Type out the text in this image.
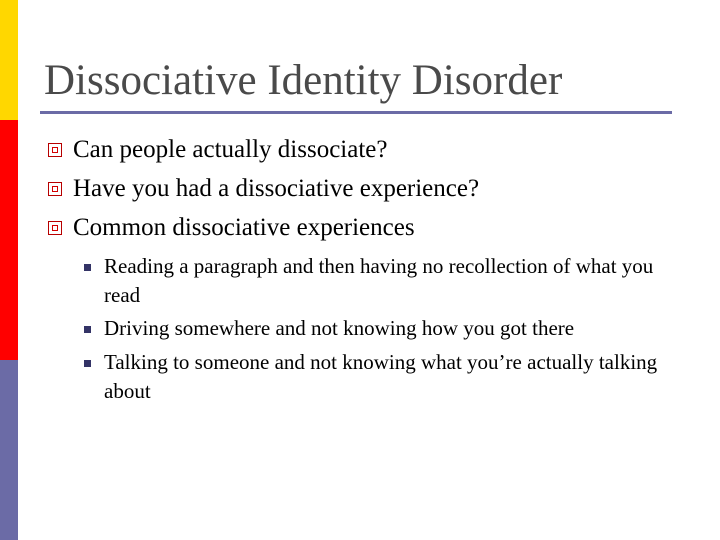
Dissociative Identity Disorder
Can people actually dissociate?
Have you had a dissociative experience?
Common dissociative experiences
Reading a paragraph and then having no recollection of what you read
Driving somewhere and not knowing how you got there
Talking to someone and not knowing what you’re actually talking about
